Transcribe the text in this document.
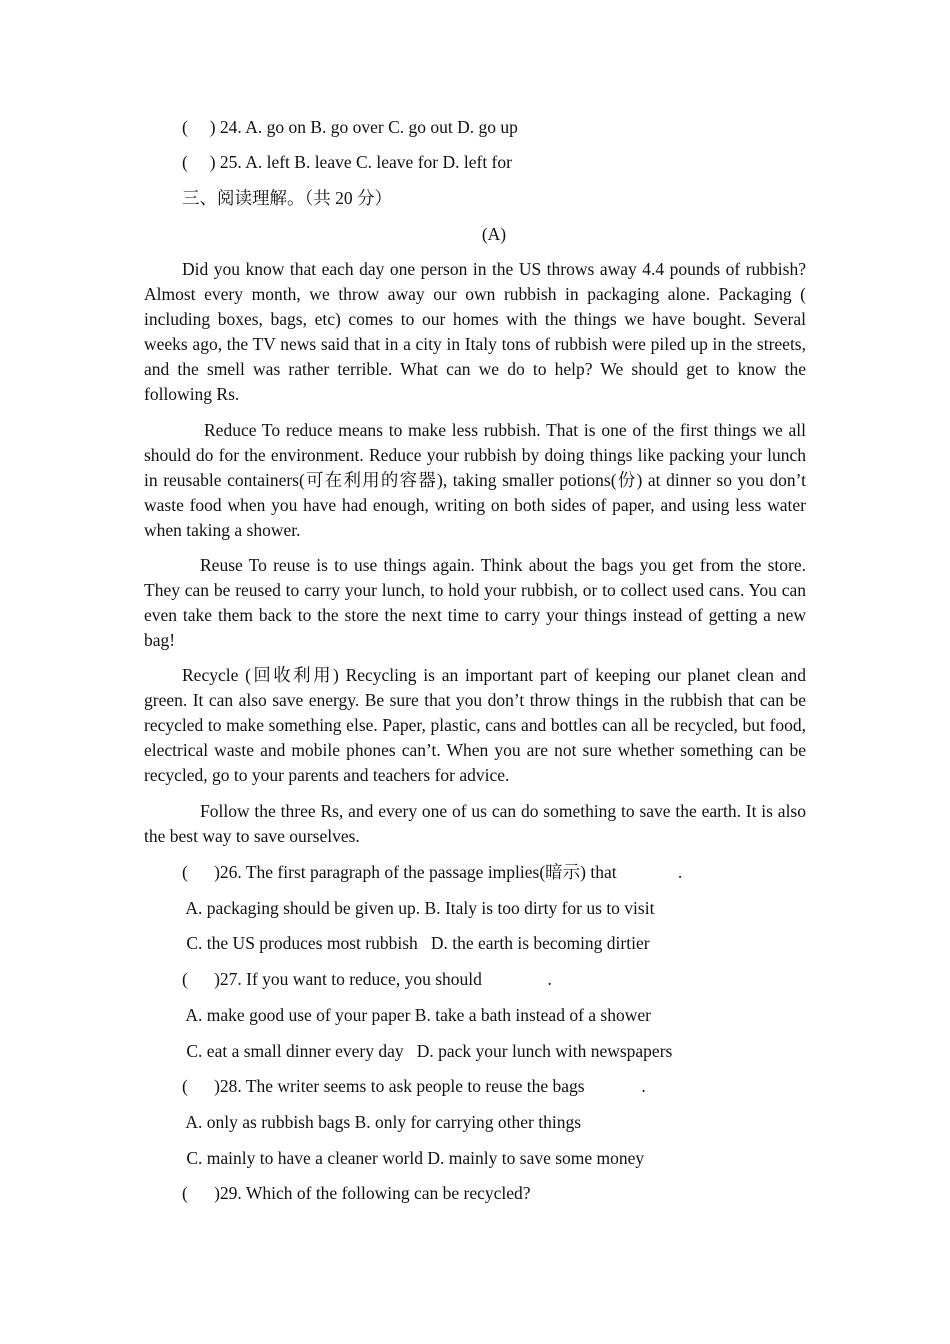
(     ) 24. A. go on B. go over C. go out D. go up
(     ) 25. A. left B. leave C. leave for D. left for
三、阅读理解。（共 20 分）
(A)
Did you know that each day one person in the US throws away 4.4 pounds of rubbish? Almost every month, we throw away our own rubbish in packaging alone. Packaging ( including boxes, bags, etc) comes to our homes with the things we have bought. Several weeks ago, the TV news said that in a city in Italy tons of rubbish were piled up in the streets, and the smell was rather terrible. What can we do to help? We should get to know the following Rs.
Reduce To reduce means to make less rubbish. That is one of the first things we all should do for the environment. Reduce your rubbish by doing things like packing your lunch in reusable containers(可在利用的容器), taking smaller potions(份) at dinner so you don’t waste food when you have had enough, writing on both sides of paper, and using less water when taking a shower.
Reuse To reuse is to use things again. Think about the bags you get from the store. They can be reused to carry your lunch, to hold your rubbish, or to collect used cans. You can even take them back to the store the next time to carry your things instead of getting a new bag!
Recycle (回收利用) Recycling is an important part of keeping our planet clean and green. It can also save energy. Be sure that you don’t throw things in the rubbish that can be recycled to make something else. Paper, plastic, cans and bottles can all be recycled, but food, electrical waste and mobile phones can’t. When you are not sure whether something can be recycled, go to your parents and teachers for advice.
Follow the three Rs, and every one of us can do something to save the earth. It is also the best way to save ourselves.
(      )26. The first paragraph of the passage implies(暗示) that              .
A. packaging should be given up. B. Italy is too dirty for us to visit
C. the US produces most rubbish   D. the earth is becoming dirtier
(      )27. If you want to reduce, you should               .
A. make good use of your paper B. take a bath instead of a shower
C. eat a small dinner every day   D. pack your lunch with newspapers
(      )28. The writer seems to ask people to reuse the bags             .
A. only as rubbish bags B. only for carrying other things
C. mainly to have a cleaner world D. mainly to save some money
(      )29. Which of the following can be recycled?
